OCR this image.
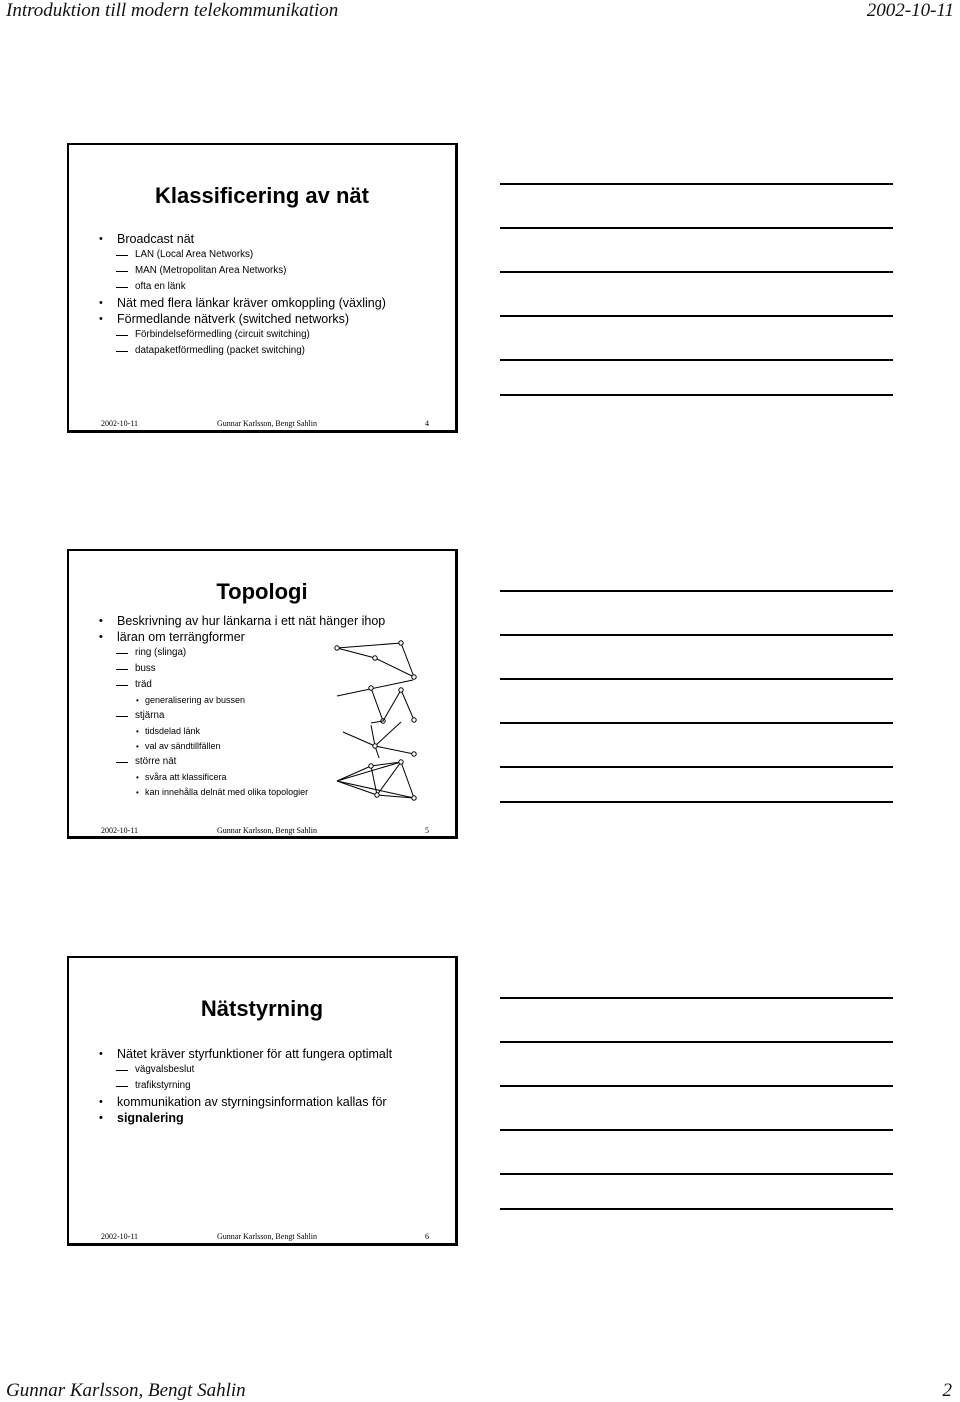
Introduktion till modern telekommunikation	2002-10-11
Klassificering av nät
• Broadcast nät
LAN (Local Area Networks)
MAN (Metropolitan Area Networks)
ofta en länk
• Nät med flera länkar kräver omkoppling (växling)
• Förmedlande nätverk (switched networks)
Förbindelseförmedling (circuit switching)
datapaketförmedling (packet switching)
2002-10-11	Gunnar Karlsson, Bengt Sahlin	4
Topologi
• Beskrivning av hur länkarna i ett nät hänger ihop
• läran om terrängformer
ring (slinga)
buss
träd
• generalisering av bussen
stjärna
• tidsdelad länk
• val av sändtillfällen
större nät
• svåra att klassificera
• kan innehålla delnät med olika topologier
2002-10-11	Gunnar Karlsson, Bengt Sahlin	5
Nätstyrning
• Nätet kräver styrfunktioner för att fungera optimalt
vägvalsbeslut
trafikstyrning
• kommunikation av styrningsinformation kallas för
• signalering
2002-10-11	Gunnar Karlsson, Bengt Sahlin	6
Gunnar Karlsson, Bengt Sahlin	2
